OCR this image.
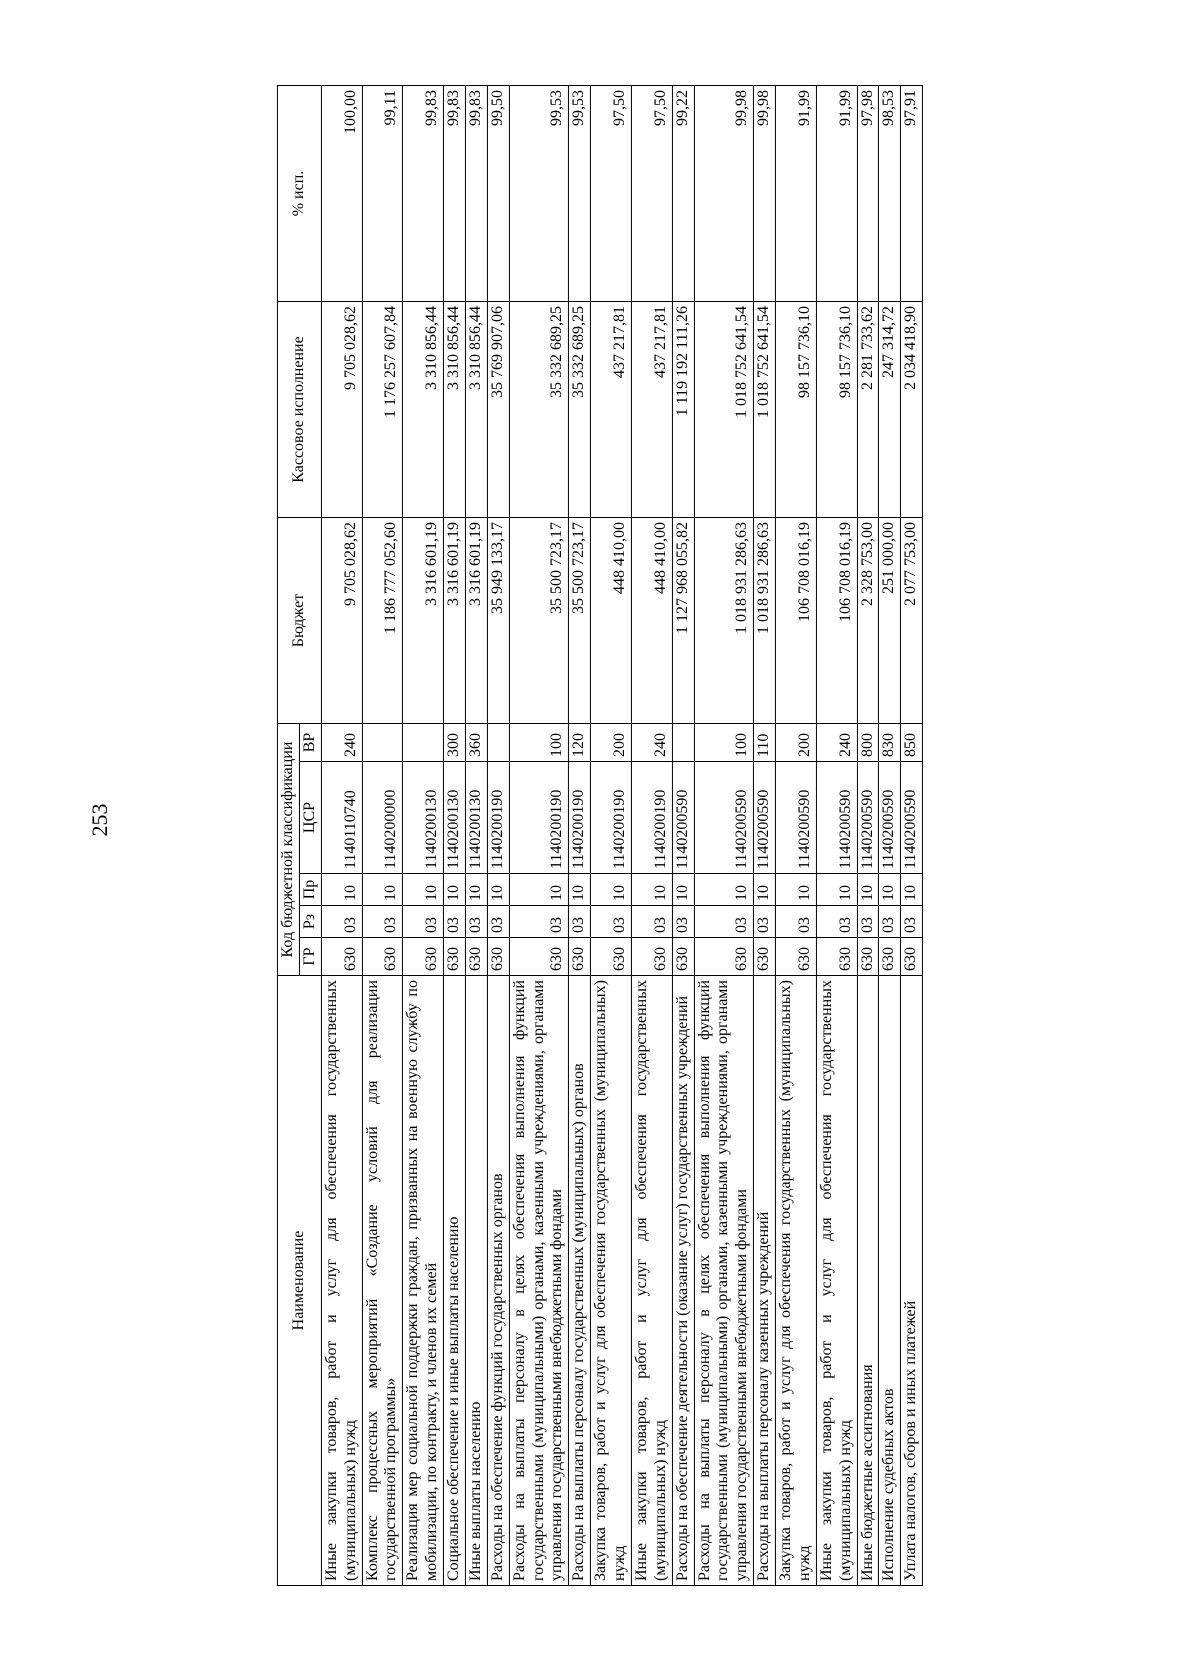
253
Наименование	Код бюджетной классификации					Бюджет	Кассовое исполнение	% исп.
	ГР	Рз	Пр	ЦСР	ВР			
Иные закупки товаров, работ и услуг для обеспечения государственных (муниципальных) нужд	630	03	10	1140110740	240	9 705 028,62	9 705 028,62	100,00
Комплекс процессных мероприятий «Создание условий для реализации государственной программы»	630	03	10	1140200000		1 186 777 052,60	1 176 257 607,84	99,11
Реализация мер социальной поддержки граждан, призванных на военную службу по мобилизации, по контракту, и членов их семей	630	03	10	1140200130		3 316 601,19	3 310 856,44	99,83
Социальное обеспечение и иные выплаты населению	630	03	10	1140200130	300	3 316 601,19	3 310 856,44	99,83
Иные выплаты населению	630	03	10	1140200130	360	3 316 601,19	3 310 856,44	99,83
Расходы на обеспечение функций государственных органов	630	03	10	1140200190		35 949 133,17	35 769 907,06	99,50
Расходы на выплаты персоналу в целях обеспечения выполнения функций государственными (муниципальными) органами, казенными учреждениями, органами управления государственными внебюджетными фондами	630	03	10	1140200190	100	35 500 723,17	35 332 689,25	99,53
Расходы на выплаты персоналу государственных (муниципальных) органов	630	03	10	1140200190	120	35 500 723,17	35 332 689,25	99,53
Закупка товаров, работ и услуг для обеспечения государственных (муниципальных) нужд	630	03	10	1140200190	200	448 410,00	437 217,81	97,50
Иные закупки товаров, работ и услуг для обеспечения государственных (муниципальных) нужд	630	03	10	1140200190	240	448 410,00	437 217,81	97,50
Расходы на обеспечение деятельности (оказание услуг) государственных учреждений	630	03	10	1140200590		1 127 968 055,82	1 119 192 111,26	99,22
Расходы на выплаты персоналу в целях обеспечения выполнения функций государственными (муниципальными) органами, казенными учреждениями, органами управления государственными внебюджетными фондами	630	03	10	1140200590	100	1 018 931 286,63	1 018 752 641,54	99,98
Расходы на выплаты персоналу казенных учреждений	630	03	10	1140200590	110	1 018 931 286,63	1 018 752 641,54	99,98
Закупка товаров, работ и услуг для обеспечения государственных (муниципальных) нужд	630	03	10	1140200590	200	106 708 016,19	98 157 736,10	91,99
Иные закупки товаров, работ и услуг для обеспечения государственных (муниципальных) нужд	630	03	10	1140200590	240	106 708 016,19	98 157 736,10	91,99
Иные бюджетные ассигнования	630	03	10	1140200590	800	2 328 753,00	2 281 733,62	97,98
Исполнение судебных актов	630	03	10	1140200590	830	251 000,00	247 314,72	98,53
Уплата налогов, сборов и иных платежей	630	03	10	1140200590	850	2 077 753,00	2 034 418,90	97,91
